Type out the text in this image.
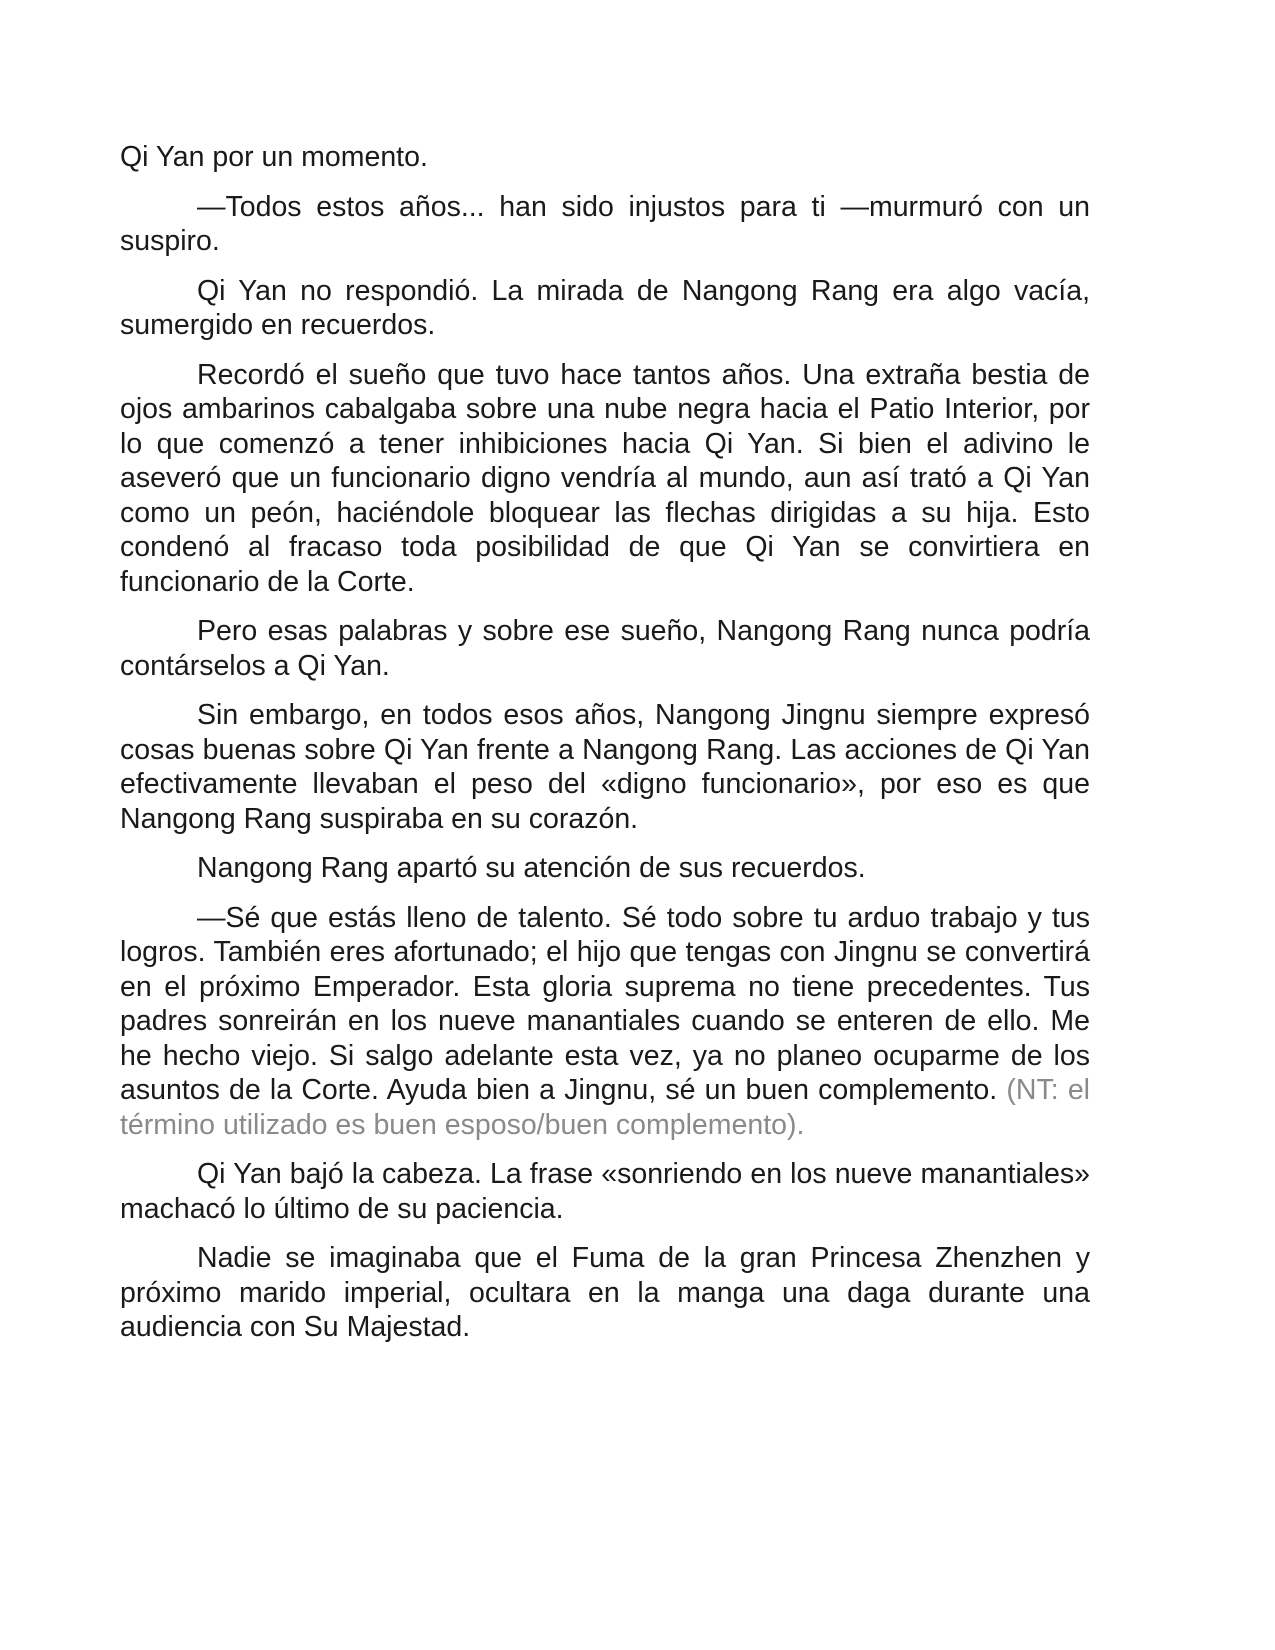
Qi Yan por un momento.

—Todos estos años... han sido injustos para ti —murmuró con un suspiro.

Qi Yan no respondió. La mirada de Nangong Rang era algo vacía, sumergido en recuerdos.

Recordó el sueño que tuvo hace tantos años. Una extraña bestia de ojos ambarinos cabalgaba sobre una nube negra hacia el Patio Interior, por lo que comenzó a tener inhibiciones hacia Qi Yan. Si bien el adivino le aseveró que un funcionario digno vendría al mundo, aun así trató a Qi Yan como un peón, haciéndole bloquear las flechas dirigidas a su hija. Esto condenó al fracaso toda posibilidad de que Qi Yan se convirtiera en funcionario de la Corte.

Pero esas palabras y sobre ese sueño, Nangong Rang nunca podría contárselos a Qi Yan.

Sin embargo, en todos esos años, Nangong Jingnu siempre expresó cosas buenas sobre Qi Yan frente a Nangong Rang. Las acciones de Qi Yan efectivamente llevaban el peso del «digno funcionario», por eso es que Nangong Rang suspiraba en su corazón.

Nangong Rang apartó su atención de sus recuerdos.

—Sé que estás lleno de talento. Sé todo sobre tu arduo trabajo y tus logros. También eres afortunado; el hijo que tengas con Jingnu se convertirá en el próximo Emperador. Esta gloria suprema no tiene precedentes. Tus padres sonreirán en los nueve manantiales cuando se enteren de ello. Me he hecho viejo. Si salgo adelante esta vez, ya no planeo ocuparme de los asuntos de la Corte. Ayuda bien a Jingnu, sé un buen complemento. (NT: el término utilizado es buen esposo/buen complemento).

Qi Yan bajó la cabeza. La frase «sonriendo en los nueve manantiales» machacó lo último de su paciencia.

Nadie se imaginaba que el Fuma de la gran Princesa Zhenzhen y próximo marido imperial, ocultara en la manga una daga durante una audiencia con Su Majestad.
